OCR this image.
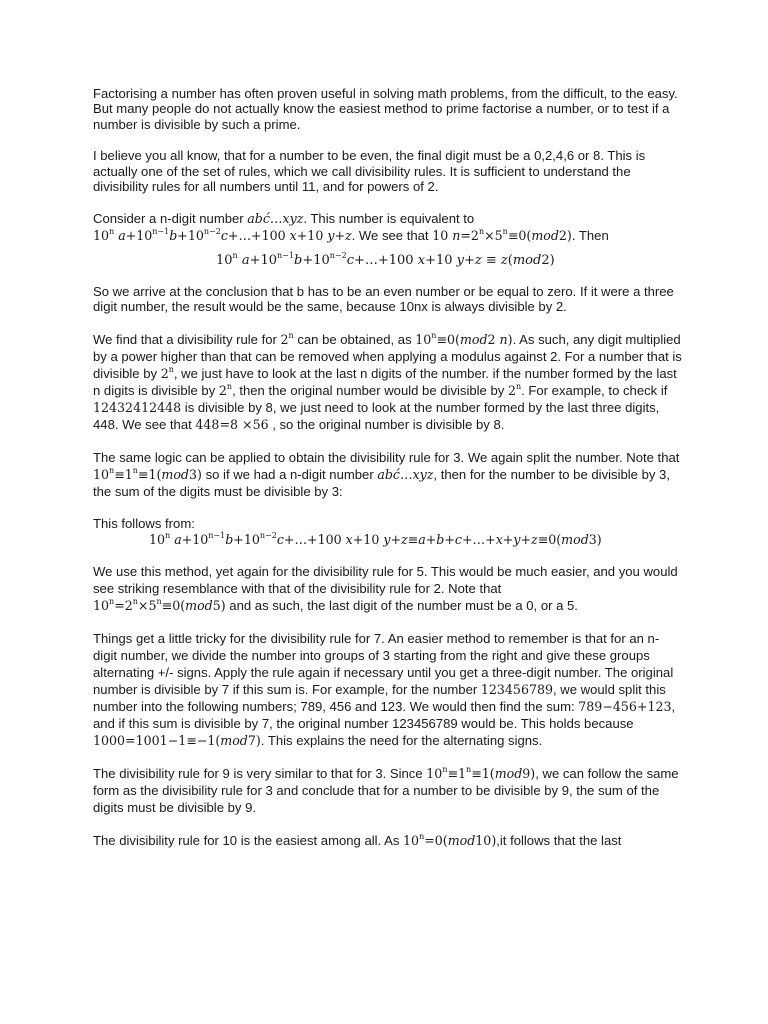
Factorising a number has often proven useful in solving math problems, from the difficult, to the easy. But many people do not actually know the easiest method to prime factorise a number, or to test if a number is divisible by such a prime.

I believe you all know, that for a number to be even, the final digit must be a 0,2,4,6 or 8. This is actually one of the set of rules, which we call divisibility rules. It is sufficient to understand the divisibility rules for all numbers until 11, and for powers of 2.

Consider a n-digit number abć…xyz. This number is equivalent to
10$^n$ $a+10^{n-1}b+10^{n-2}c+\dots+100$ x+10 y+z. We see that 10 $n=2^n\times 5^n\equiv 0(mod2)$. Then

10$^n$ $a+10^{n-1}b+10^{n-2}c+\dots+100$ x+10 y+z ≡ z(mod2)

So we arrive at the conclusion that b has to be an even number or be equal to zero. If it were a three digit number, the result would be the same, because 10nx is always divisible by 2.

We find that a divisibility rule for 2$^n$ can be obtained, as $10^n\equiv 0(mod2$ n). As such, any digit multiplied by a power higher than that can be removed when applying a modulus against 2. For a number that is divisible by 2$^n$, we just have to look at the last n digits of the number. if the number formed by the last n digits is divisible by 2$^n$, then the original number would be divisible by 2$^n$. For example, to check if 12432412448 is divisible by 8, we just need to look at the number formed by the last three digits, 448. We see that 448=8 ×56 , so the original number is divisible by 8.

The same logic can be applied to obtain the divisibility rule for 3. We again split the number. Note that $10^n\equiv 1^n\equiv 1(mod3)$ so if we had a n-digit number abć…xyz, then for the number to be divisible by 3, the sum of the digits must be divisible by 3:

This follows from:

10$^n$ $a+10^{n-1}b+10^{n-2}c+\dots+100$ x+10 y+z≡a+b+c+…+x+y+z≡0(mod3)

We use this method, yet again for the divisibility rule for 5. This would be much easier, and you would see striking resemblance with that of the divisibility rule for 2. Note that
$10^n=2^n\times 5^n\equiv 0(mod5)$ and as such, the last digit of the number must be a 0, or a 5.

Things get a little tricky for the divisibility rule for 7. An easier method to remember is that for an n-digit number, we divide the number into groups of 3 starting from the right and give these groups alternating +/- signs. Apply the rule again if necessary until you get a three-digit number. The original number is divisible by 7 if this sum is. For example, for the number 123456789, we would split this number into the following numbers; 789, 456 and 123. We would then find the sum: 789−456+123, and if this sum is divisible by 7, the original number 123456789 would be. This holds because 1000=1001−1≡−1(mod7). This explains the need for the alternating signs.

The divisibility rule for 9 is very similar to that for 3. Since $10^n\equiv 1^n\equiv 1(mod9)$, we can follow the same form as the divisibility rule for 3 and conclude that for a number to be divisible by 9, the sum of the digits must be divisible by 9.

The divisibility rule for 10 is the easiest among all. As $10^n=0(mod10),it$ follows that the last
